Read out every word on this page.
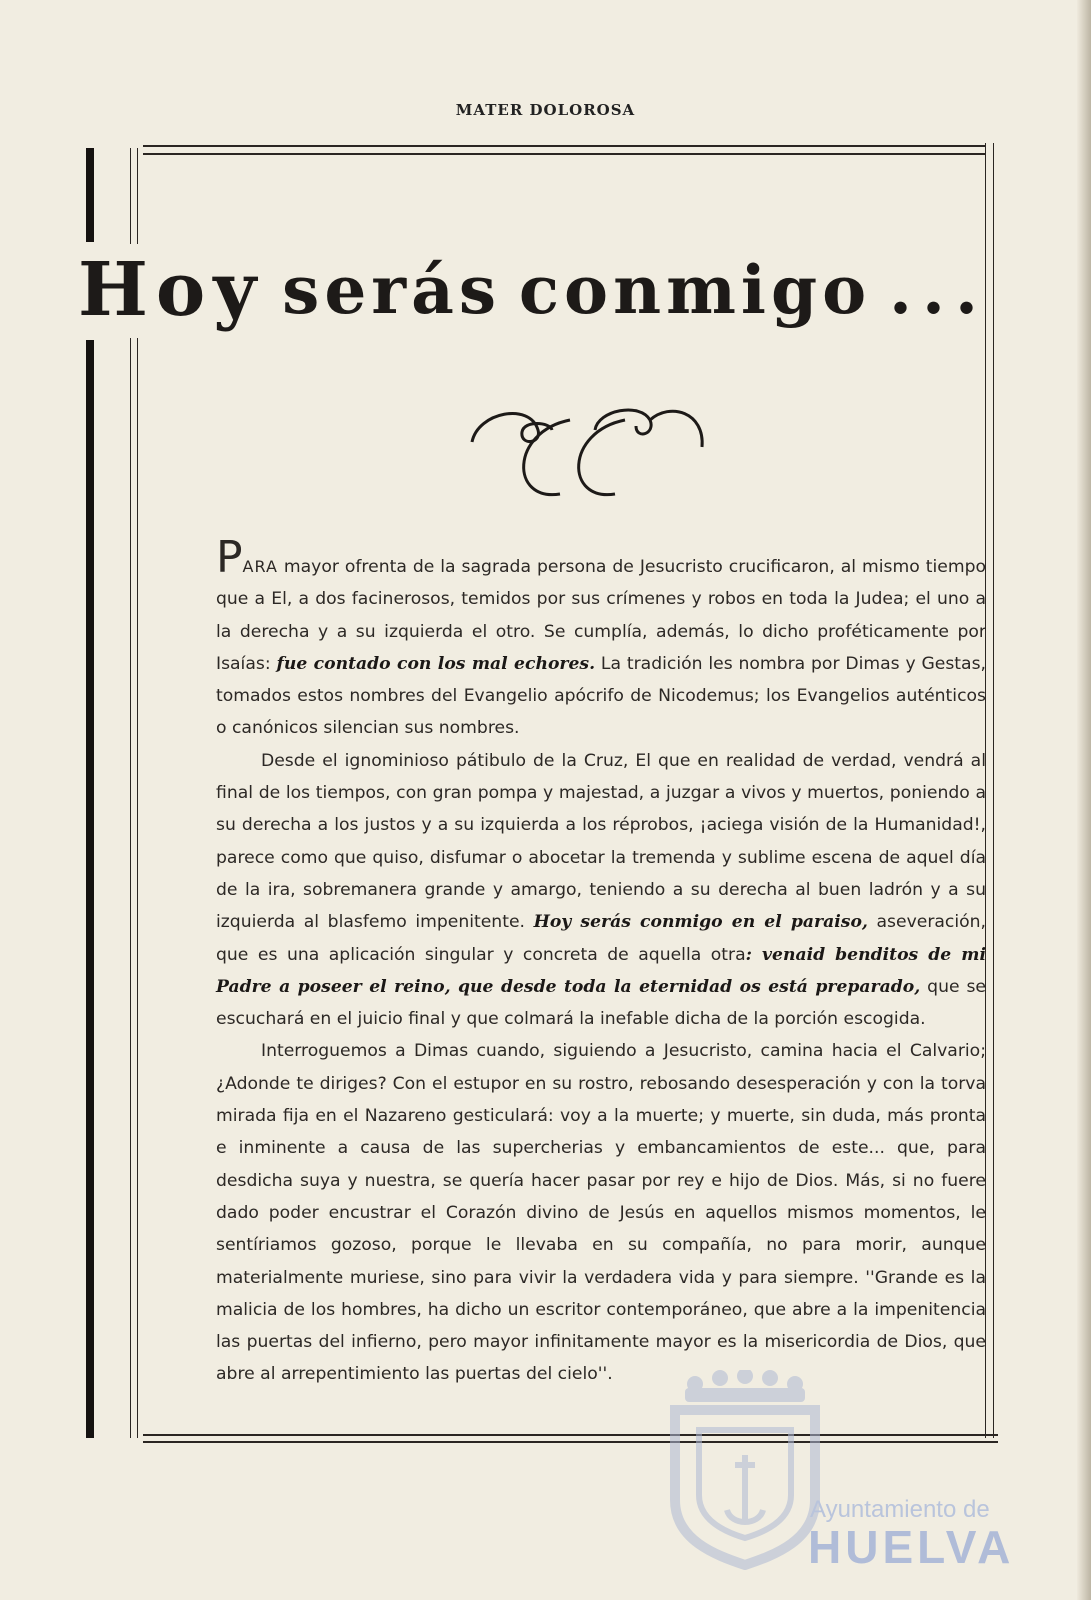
MATER DOLOROSA
Hoy serás conmigo ...

PARA mayor ofrenta de la sagrada persona de Jesucristo crucificaron, al mismo tiempo que a El, a dos facinerosos, temidos por sus crímenes y robos en toda la Judea; el uno a la derecha y a su izquierda el otro. Se cumplía, además, lo dicho proféticamente por Isaías: fue contado con los mal echores. La tradición les nombra por Dimas y Gestas, tomados estos nombres del Evangelio apócrifo de Nicodemus; los Evangelios auténticos o canónicos silencian sus nombres.

Desde el ignominioso pátibulo de la Cruz, El que en realidad de verdad, vendrá al final de los tiempos, con gran pompa y majestad, a juzgar a vivos y muertos, poniendo a su derecha a los justos y a su izquierda a los réprobos, ¡aciega visión de la Humanidad!, parece como que quiso, disfumar o abocetar la tremenda y sublime escena de aquel día de la ira, sobremanera grande y amargo, teniendo a su derecha al buen ladrón y a su izquierda al blasfemo impenitente. Hoy serás conmigo en el paraiso, aseveración, que es una aplicación singular y concreta de aquella otra: venaid benditos de mi Padre a poseer el reino, que desde toda la eternidad os está preparado, que se escuchará en el juicio final y que colmará la inefable dicha de la porción escogida.

Interroguemos a Dimas cuando, siguiendo a Jesucristo, camina hacia el Calvario; ¿Adonde te diriges? Con el estupor en su rostro, rebosando desesperación y con la torva mirada fija en el Nazareno gesticulará: voy a la muerte; y muerte, sin duda, más pronta e inminente a causa de las supercherias y embancamientos de este... que, para desdicha suya y nuestra, se quería hacer pasar por rey e hijo de Dios. Más, si no fuere dado poder encustrar el Corazón divino de Jesús en aquellos mismos momentos, le sentíriamos gozoso, porque le llevaba en su compañía, no para morir, aunque materialmente muriese, sino para vivir la verdadera vida y para siempre. ''Grande es la malicia de los hombres, ha dicho un escritor contemporáneo, que abre a la impenitencia las puertas del infierno, pero mayor infinitamente mayor es la misericordia de Dios, que abre al arrepentimiento las puertas del cielo''.

Ayuntamiento de
HUELVA
